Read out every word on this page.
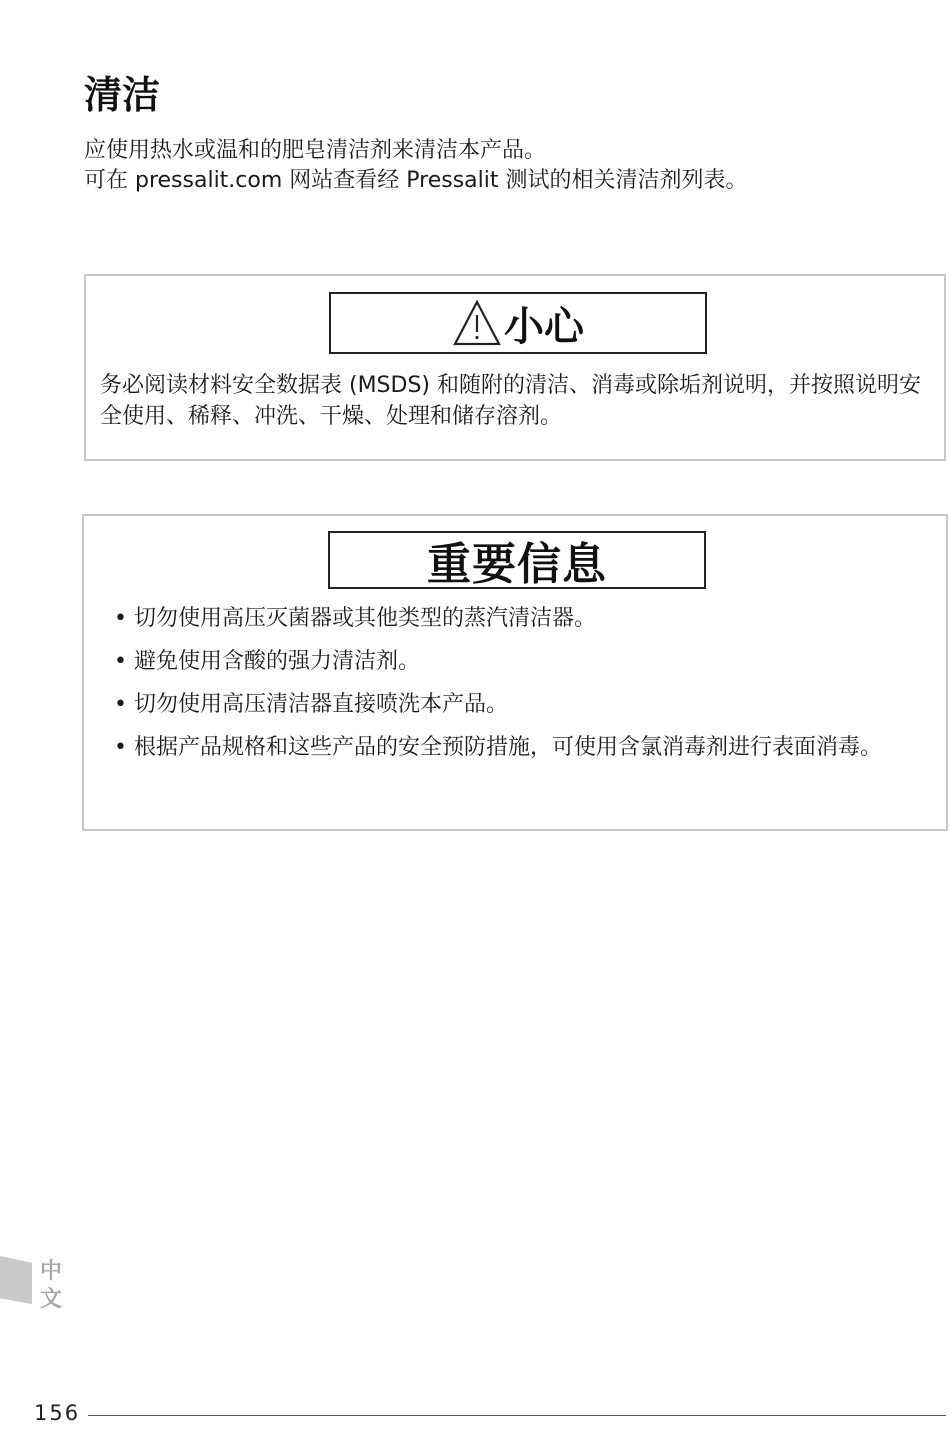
清洁

应使用热水或温和的肥皂清洁剂来清洁本产品。

可在 pressalit.com 网站查看经 Pressalit 测试的相关清洁剂列表。

小心

务必阅读材料安全数据表 (MSDS) 和随附的清洁、消毒或除垢剂说明，并按照说明安全使用、稀释、冲洗、干燥、处理和储存溶剂。

重要信息
• 切勿使用高压灭菌器或其他类型的蒸汽清洁器。
• 避免使用含酸的强力清洁剂。
• 切勿使用高压清洁器直接喷洗本产品。
• 根据产品规格和这些产品的安全预防措施，可使用含氯消毒剂进行表面消毒。
中
文
156
